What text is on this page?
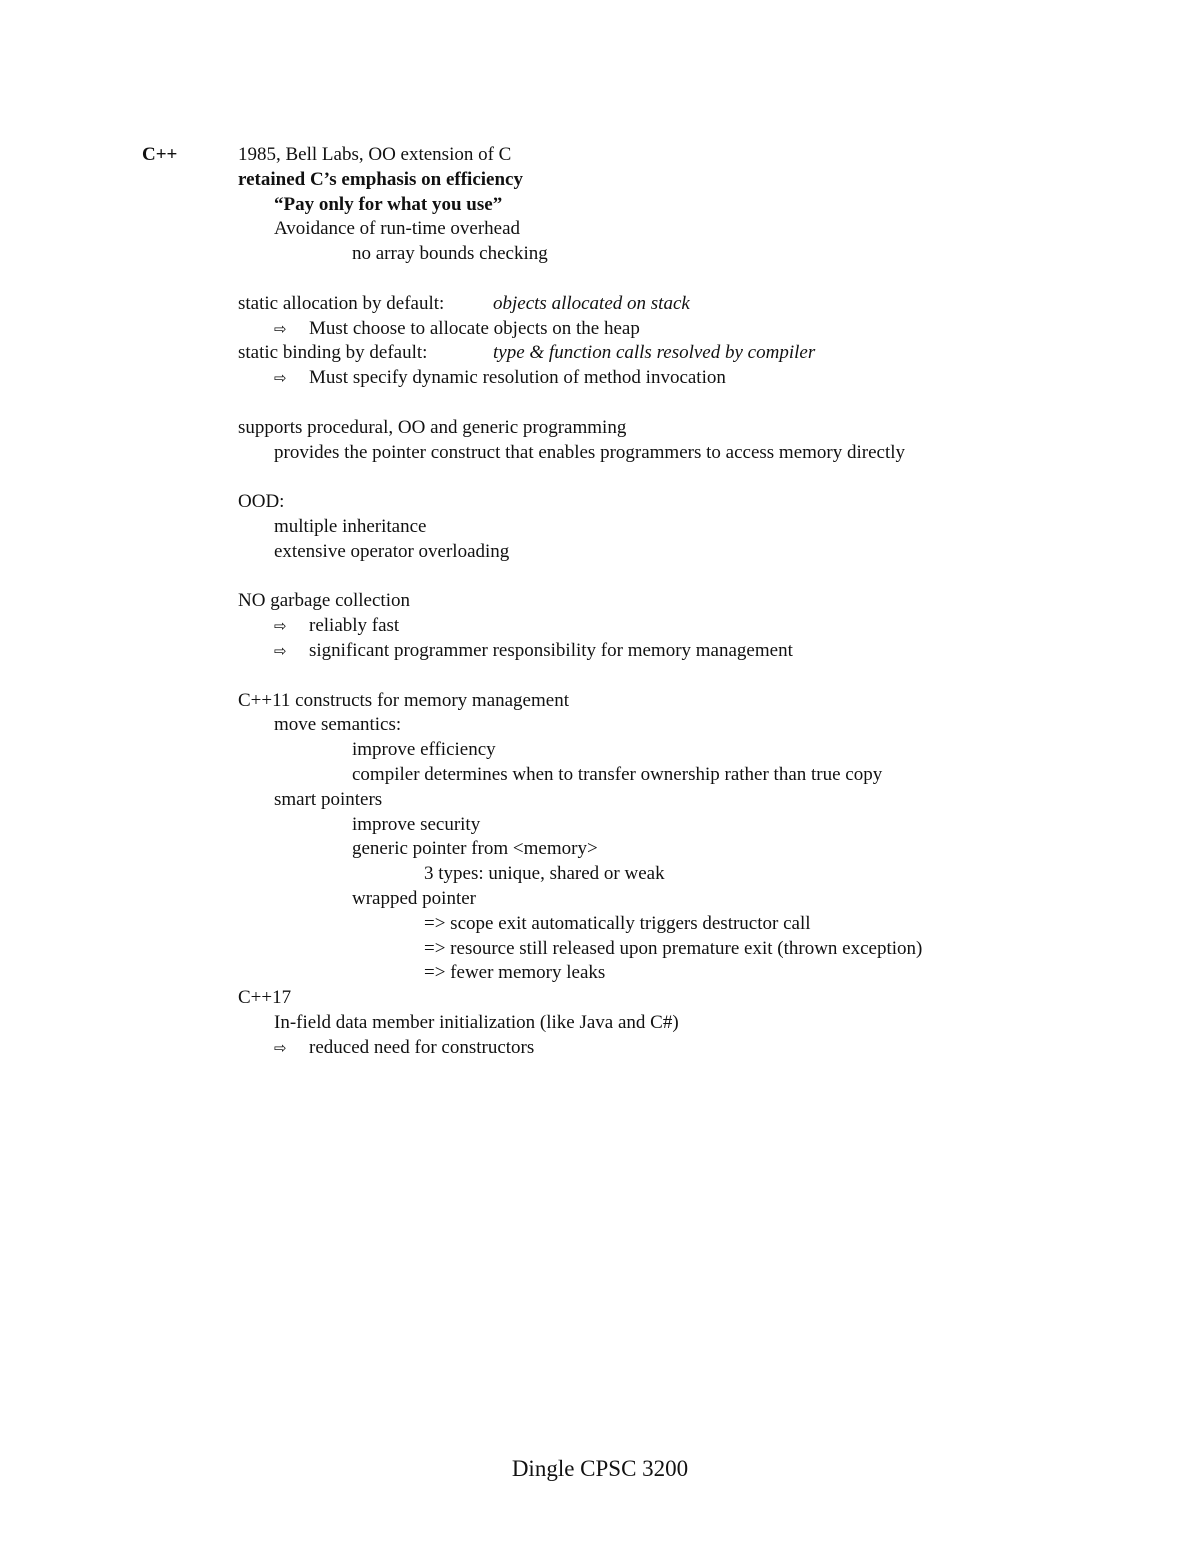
C++	1985, Bell Labs, OO extension of C
retained C’s emphasis on efficiency
“Pay only for what you use”
Avoidance of run-time overhead
no array bounds checking
static allocation by default:	objects allocated on stack
⇨ Must choose to allocate objects on the heap
static binding by default:	type & function calls resolved by compiler
⇨ Must specify dynamic resolution of method invocation
supports procedural, OO and generic programming
provides the pointer construct that enables programmers to access memory directly
OOD:
multiple inheritance
extensive operator overloading
NO garbage collection
⇨ reliably fast
⇨ significant programmer responsibility for memory management
C++11 constructs for memory management
move semantics:
improve efficiency
compiler determines when to transfer ownership rather than true copy
smart pointers
improve security
generic pointer from <memory>
3 types: unique, shared or weak
wrapped pointer
=> scope exit automatically triggers destructor call
=> resource still released upon premature exit (thrown exception)
=> fewer memory leaks
C++17
In-field data member initialization (like Java and C#)
⇨ reduced need for constructors
Dingle CPSC 3200
